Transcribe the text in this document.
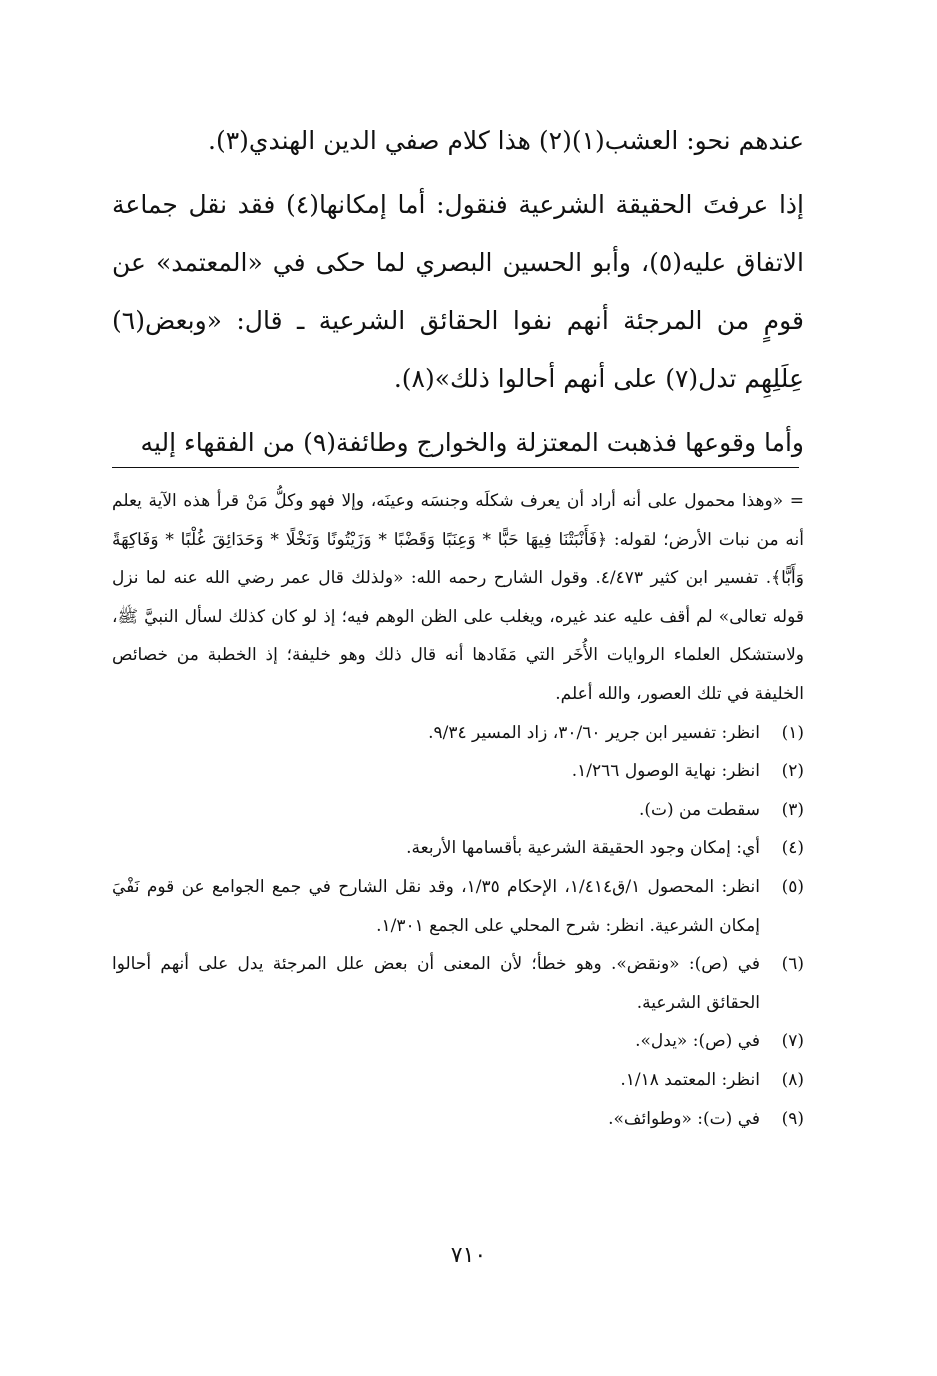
عندهم نحو: العشب(١)(٢) هذا كلام صفي الدين الهندي(٣).

إذا عرفتَ الحقيقة الشرعية فنقول: أما إمكانها(٤) فقد نقل جماعة الاتفاق عليه(٥)، وأبو الحسين البصري لما حكى في «المعتمد» عن قومٍ من المرجئة أنهم نفوا الحقائق الشرعية ـ قال: «وبعض(٦) عِلَلِهِم تدل(٧) على أنهم أحالوا ذلك»(٨).

وأما وقوعها فذهبت المعتزلة والخوارج وطائفة(٩) من الفقهاء إليه

= «وهذا محمول على أنه أراد أن يعرف شكلَه وجنسَه وعينَه، وإلا فهو وكلُّ مَنْ قرأ هذه الآية يعلم أنه من نبات الأرض؛ لقوله: ﴿فَأَنْبَتْنَا فِيهَا حَبًّا * وَعِنَبًا وَقَضْبًا * وَزَيْتُونًا وَنَخْلًا * وَحَدَائِقَ غُلْبًا * وَفَاكِهَةً وَأَبًّا﴾. تفسير ابن كثير ٤/٤٧٣. وقول الشارح رحمه الله: «ولذلك قال عمر رضي الله عنه لما نزل قوله تعالى» لم أقف عليه عند غيره، ويغلب على الظن الوهم فيه؛ إذ لو كان كذلك لسأل النبيَّ ﷺ، ولاستشكل العلماء الروايات الأُخَر التي مَفَادها أنه قال ذلك وهو خليفة؛ إذ الخطبة من خصائص الخليفة في تلك العصور، والله أعلم.

(١)
انظر: تفسير ابن جرير ٣٠/٦٠، زاد المسير ٩/٣٤.
(٢)
انظر: نهاية الوصول ١/٢٦٦.
(٣)
سقطت من (ت).
(٤)
أي: إمكان وجود الحقيقة الشرعية بأقسامها الأربعة.
(٥)
انظر: المحصول ١/ق١/٤١٤، الإحكام ١/٣٥، وقد نقل الشارح في جمع الجوامع عن قوم نَفْيَ إمكان الشرعية. انظر: شرح المحلي على الجمع ١/٣٠١.
(٦)
في (ص): «ونقض». وهو خطأ؛ لأن المعنى أن بعض علل المرجئة يدل على أنهم أحالوا الحقائق الشرعية.
(٧)
في (ص): «يدل».
(٨)
انظر: المعتمد ١/١٨.
(٩)
في (ت): «وطوائف».
٧١٠
